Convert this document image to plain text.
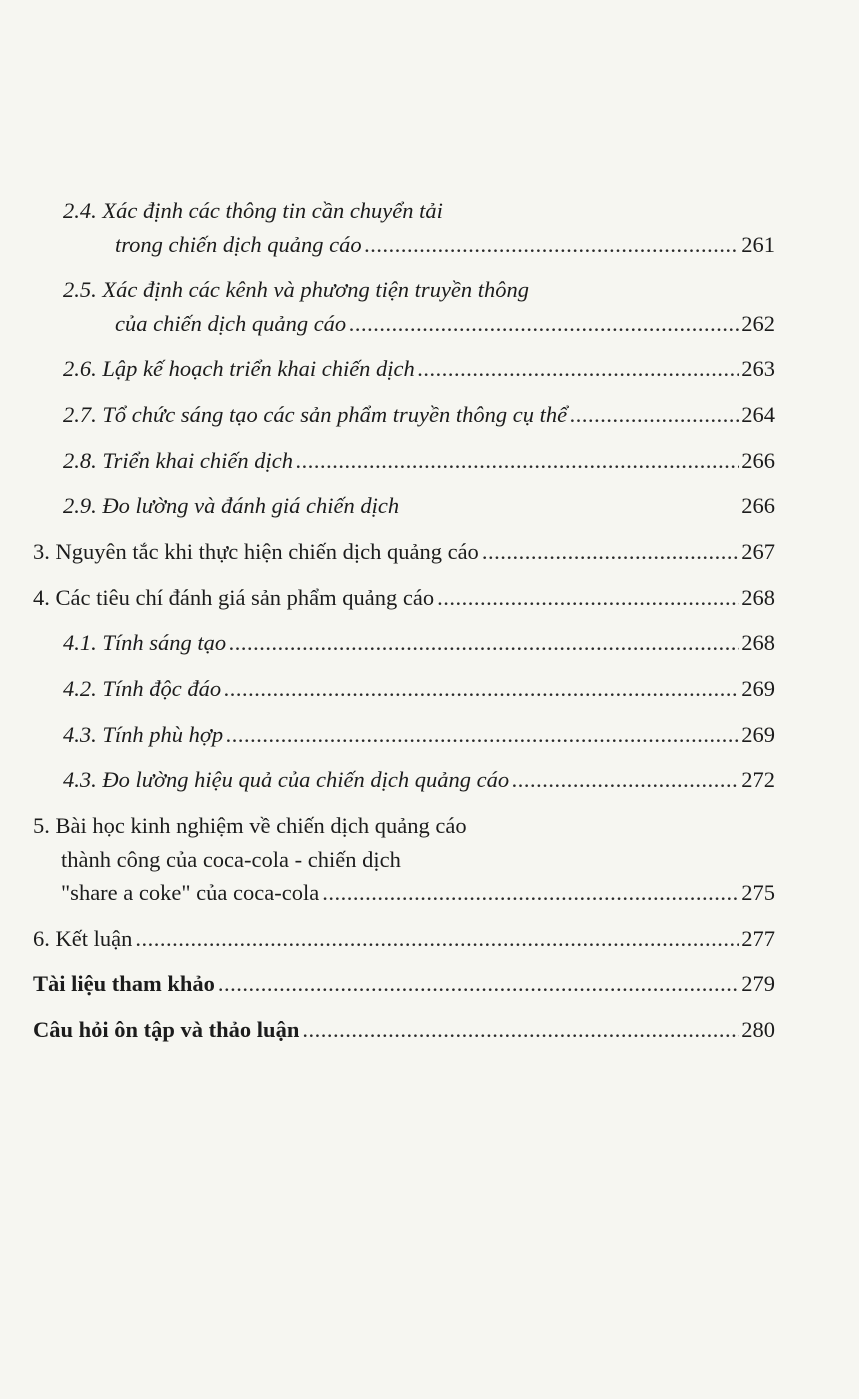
2.4. Xác định các thông tin cần chuyển tải
trong chiến dịch quảng cáo .....	261
2.5. Xác định các kênh và phương tiện truyền thông
của chiến dịch quảng cáo .....	262
2.6. Lập kế hoạch triển khai chiến dịch .....	263
2.7. Tổ chức sáng tạo các sản phẩm truyền thông cụ thể .....	264
2.8. Triển khai chiến dịch .....	266
2.9. Đo lường và đánh giá chiến dịch	266
3. Nguyên tắc khi thực hiện chiến dịch quảng cáo .....	267
4. Các tiêu chí đánh giá sản phẩm quảng cáo .....	268
4.1. Tính sáng tạo .....	268
4.2. Tính độc đáo .....	269
4.3. Tính phù hợp .....	269
4.3. Đo lường hiệu quả của chiến dịch quảng cáo .....	272
5. Bài học kinh nghiệm về chiến dịch quảng cáo
thành công của coca-cola - chiến dịch
"share a coke" của coca-cola .....	275
6. Kết luận .....	277
Tài liệu tham khảo .....	279
Câu hỏi ôn tập và thảo luận .....	280
